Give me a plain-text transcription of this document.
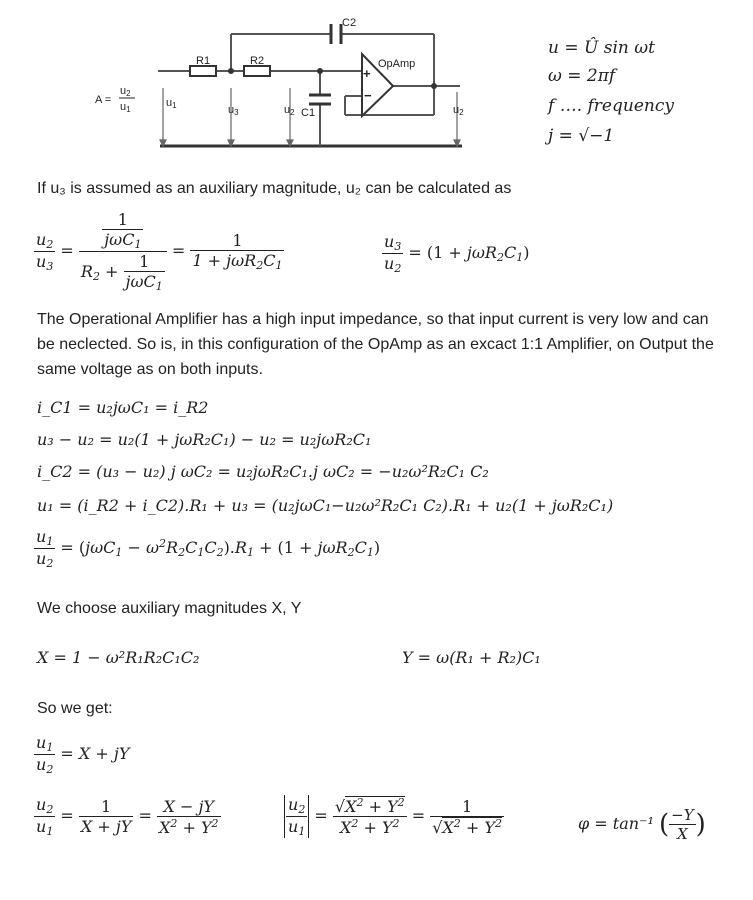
C2
R1	R2	OpAmp
+
−
A =
u2
u1
u1	u3	u2 C1	u2
u = Û sin ωt
ω = 2πf
f …. frequency
j = √−1
If u₃ is assumed as an auxiliary magnitude, u₂ can be calculated as
$\frac{u_2}{u_3} = \frac{\frac{1}{j\omega C_1}}{R_2 + \frac{1}{j\omega C_1}} = \frac{1}{1 + j\omega R_2C_1}$	$\frac{u_3}{u_2} = (1 + j\omega R_2C_1)$
The Operational Amplifier has a high input impedance, so that input current is very low and can be neclected. So is, in this configuration of the OpAmp as an excact 1:1 Amplifier, on Output the same voltage as on both inputs.
i_C1 = u₂jωC₁ = i_R2
u₃ − u₂ = u₂(1 + jωR₂C₁) − u₂ = u₂jωR₂C₁
i_C2 = (u₃ − u₂) j ωC₂ = u₂jωR₂C₁.j ωC₂ = −u₂ω²R₂C₁ C₂
u₁ = (i_R2 + i_C2).R₁ + u₃ = (u₂jωC₁−u₂ω²R₂C₁ C₂).R₁ + u₂(1 + jωR₂C₁)
$\frac{u_1}{u_2} = (j\omega C_1 - \omega^2R_2C_1C_2).R_1 + (1 + j\omega R_2C_1)$
We choose auxiliary magnitudes X, Y
X = 1 − ω²R₁R₂C₁C₂	Y = ω(R₁ + R₂)C₁
So we get:
$\frac{u_1}{u_2} = X$ + jY
$\frac{u_2}{u_1} = \frac{1}{X + jY} = \frac{X - jY}{X^2 + Y^2}$	$\frac{u_2}{u_1} = \frac{√X^2 + Y^2}{X^2 + Y^2} = \frac{1}{√X^2 + Y^2}$	φ = tan⁻¹ ( $\frac{-Y}{X}$ )
